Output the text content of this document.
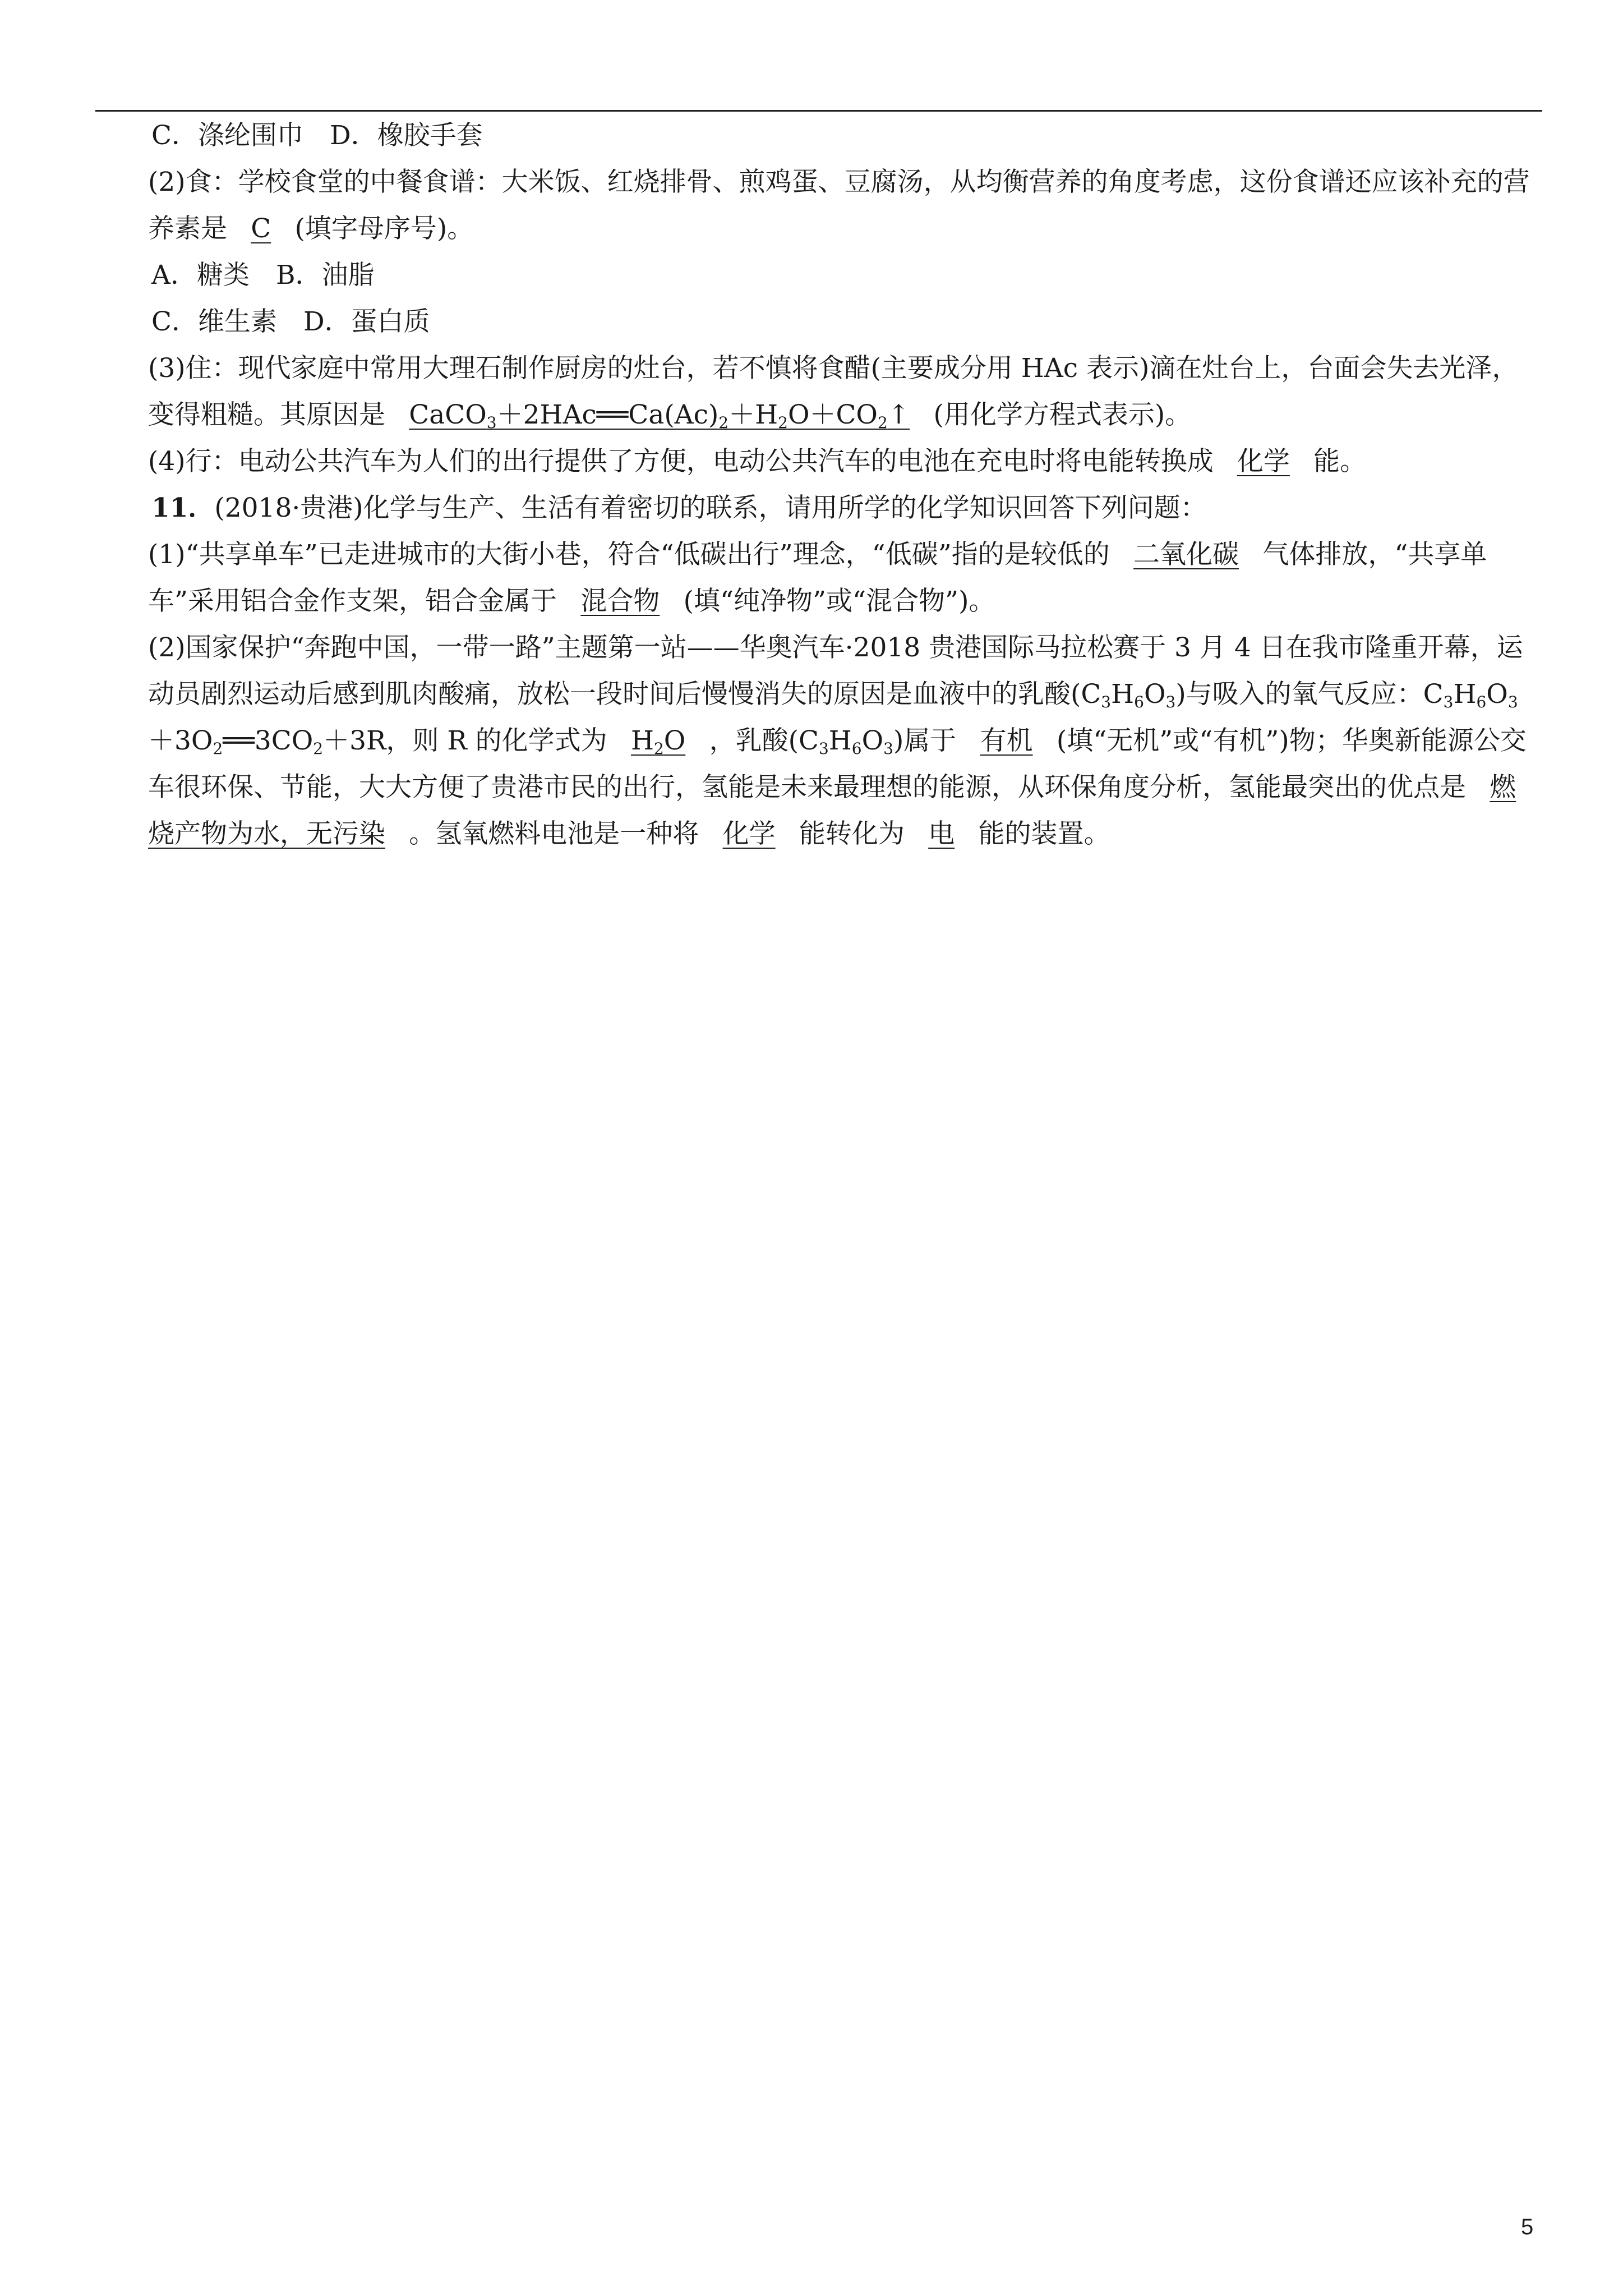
C．涤纶围巾　D．橡胶手套
(2)食：学校食堂的中餐食谱：大米饭、红烧排骨、煎鸡蛋、豆腐汤，从均衡营养的角度考虑，这份食谱还应该补充的营养素是 C (填字母序号)。
A．糖类　B．油脂
C．维生素　D．蛋白质
(3)住：现代家庭中常用大理石制作厨房的灶台，若不慎将食醋(主要成分用 HAc 表示)滴在灶台上，台面会失去光泽，变得粗糙。其原因是 $CaCO_3+2HAc══Ca(Ac)_2+H_2O+CO_2↑$ (用化学方程式表示)。
(4)行：电动公共汽车为人们的出行提供了方便，电动公共汽车的电池在充电时将电能转换成 化学 能。
11．(2018·贵港)化学与生产、生活有着密切的联系，请用所学的化学知识回答下列问题：
(1)“共享单车”已走进城市的大街小巷，符合“低碳出行”理念，“低碳”指的是较低的 二氧化碳 气体排放，“共享单车”采用铝合金作支架，铝合金属于 混合物 (填“纯净物”或“混合物”)。
(2)国家保护“奔跑中国，一带一路”主题第一站——华奥汽车·2018 贵港国际马拉松赛于 3 月 4 日在我市隆重开幕，运动员剧烈运动后感到肌肉酸痛，放松一段时间后慢慢消失的原因是血液中的乳酸$(C_3H_6O_3)$与吸入的氧气反应：$C_3H_6O_3+3O_2══3CO_2+3R$，则 R 的化学式为 $H_2O$ ，乳酸$(C_3H_6O_3)$属于 有机 (填“无机”或“有机”)物；华奥新能源公交车很环保、节能，大大方便了贵港市民的出行，氢能是未来最理想的能源，从环保角度分析，氢能最突出的优点是 燃烧产物为水，无污染 。氢氧燃料电池是一种将 化学 能转化为 电 能的装置。
5
